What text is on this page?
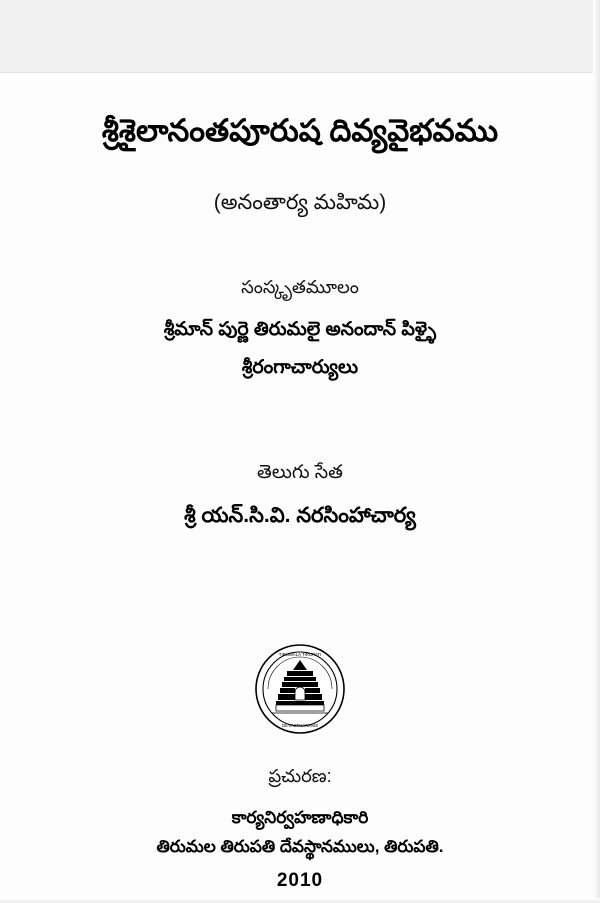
శ్రీశైలానంతపూరుష దివ్యవైభవము
(అనంతార్య మహిమ)
సంస్కృతమూలం
శ్రీమాన్ పుర్ణె తిరుమలై అనందాన్ పిళ్ళై
శ్రీరంగాచార్యులు
తెలుగు సేత
శ్రీ యన్.సి.వి. నరసింహాచార్య
TIRUMALA TIRUPATI
DEVASTHANAMS
ప్రచురణ:
కార్యనిర్వహణాధికారి
తిరుమల తిరుపతి దేవస్థానములు, తిరుపతి.
2010
